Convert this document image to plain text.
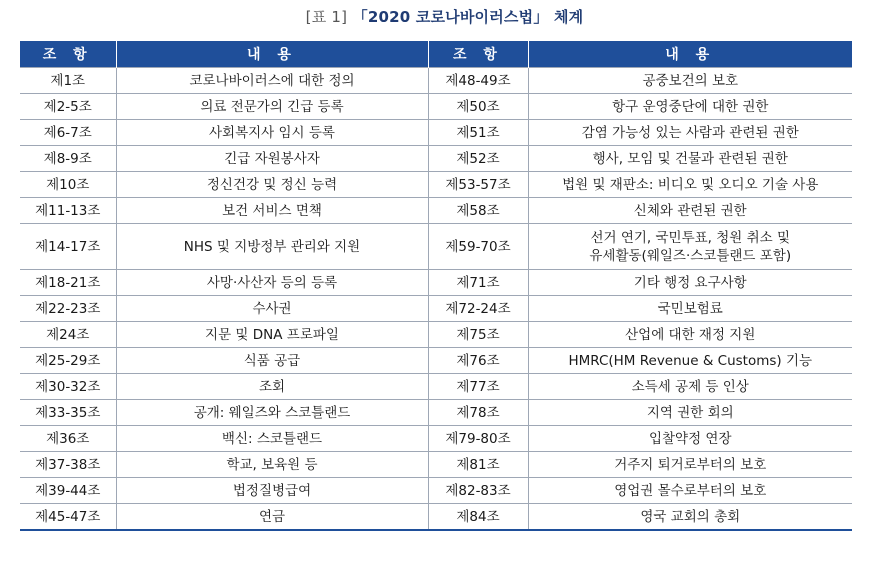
[표 1] 「2020 코로나바이러스법」 체계
조 항	내 용	조 항	내 용
제1조	코로나바이러스에 대한 정의	제48-49조	공중보건의 보호
제2-5조	의료 전문가의 긴급 등록	제50조	항구 운영중단에 대한 권한
제6-7조	사회복지사 임시 등록	제51조	감염 가능성 있는 사람과 관련된 권한
제8-9조	긴급 자원봉사자	제52조	행사, 모임 및 건물과 관련된 권한
제10조	정신건강 및 정신 능력	제53-57조	법원 및 재판소: 비디오 및 오디오 기술 사용
제11-13조	보건 서비스 면책	제58조	신체와 관련된 권한
제14-17조	NHS 및 지방정부 관리와 지원	제59-70조	선거 연기, 국민투표, 청원 취소 및
유세활동(웨일즈·스코틀랜드 포함)

제18-21조	사망·사산자 등의 등록	제71조	기타 행정 요구사항
제22-23조	수사권	제72-24조	국민보험료
제24조	지문 및 DNA 프로파일	제75조	산업에 대한 재정 지원
제25-29조	식품 공급	제76조	HMRC(HM Revenue & Customs) 기능
제30-32조	조회	제77조	소득세 공제 등 인상
제33-35조	공개: 웨일즈와 스코틀랜드	제78조	지역 권한 회의
제36조	백신: 스코틀랜드	제79-80조	입찰약정 연장
제37-38조	학교, 보육원 등	제81조	거주지 퇴거로부터의 보호
제39-44조	법정질병급여	제82-83조	영업권 몰수로부터의 보호
제45-47조	연금	제84조	영국 교회의 총회
